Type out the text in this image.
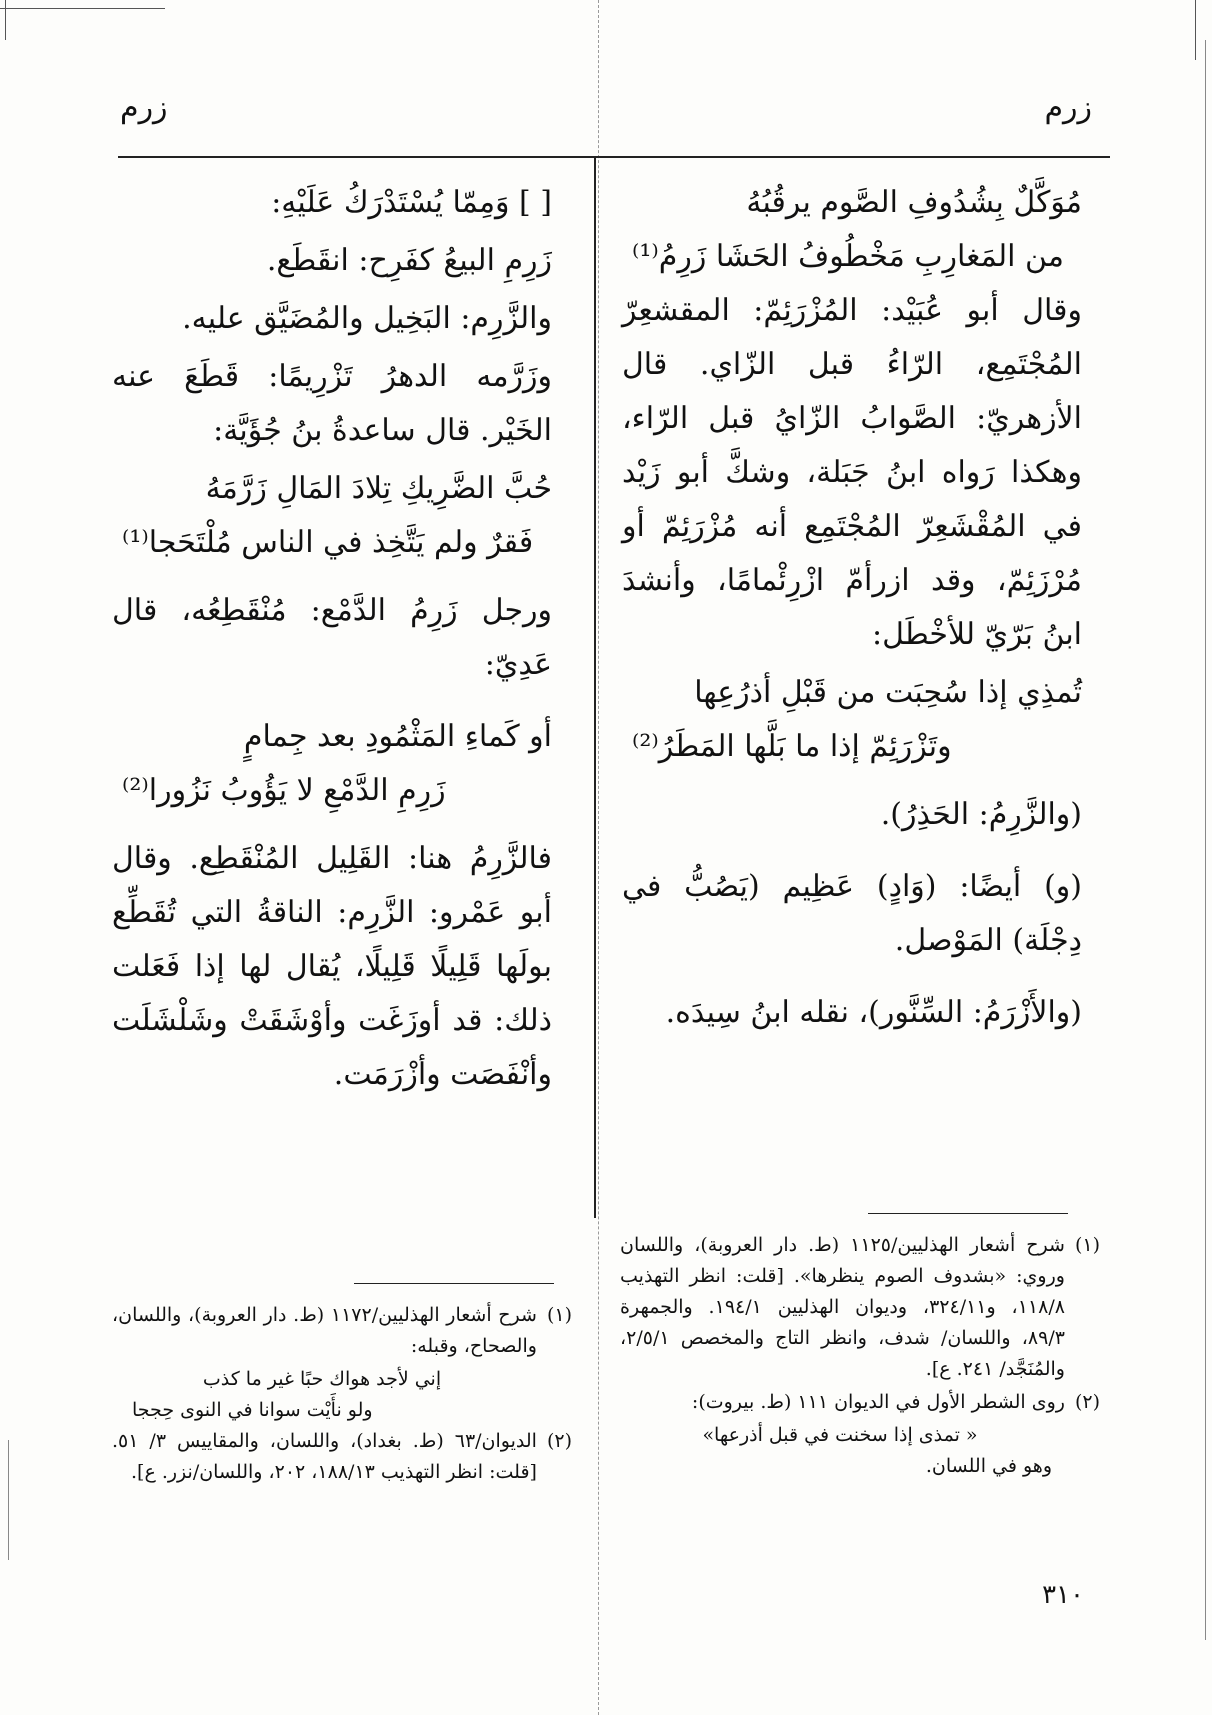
زرم
زرم

مُوَكَّلٌ بِشُدُوفِ الصَّوم يرقُبُهُ

من المَغارِبِ مَخْطُوفُ الحَشَا زَرِمُ⁽¹⁾

وقال أبو عُبَيْد: المُزْرَئِمّ: المقشعِرّ المُجْتَمِع، الرّاءُ قبل الزّاي. قال الأزهريّ: الصَّوابُ الزّايُ قبل الرّاء، وهكذا رَواه ابنُ جَبَلة، وشكَّ أبو زَيْد في المُقْشَعِرّ المُجْتَمِع أنه مُزْرَئِمّ أو مُرْزَئِمّ، وقد ازرأمّ ازْرِئْمامًا، وأنشدَ ابنُ بَرّيّ للأخْطَل:

تُمذِي إذا سُحِبَت من قَبْلِ أذرُعِها

وتَزْرَئِمّ إذا ما بَلَّها المَطَرُ⁽²⁾

(والزَّرِمُ: الحَذِرُ).

(و) أيضًا: (وَادٍ) عَظِيم (يَصُبُّ في دِجْلَة) المَوْصل.

(والأَزْرَمُ: السِّنَّور)، نقله ابنُ سِيدَه.

[ ] وَمِمّا يُسْتَدْرَكُ عَلَيْهِ:

زَرِمِ البيعُ كفَرِح: انقَطَع.

والزَّرِم: البَخِيل والمُضَيَّق عليه.

وزَرَّمه الدهرُ تَزْرِيمًا: قَطَعَ عنه الخَيْر. قال ساعدةُ بنُ جُؤَيَّة:

حُبَّ الضَّرِيكِ تِلادَ المَالِ زَرَّمَهُ

فَقرٌ ولم يَتَّخِذ في الناس مُلْتَحَجا⁽¹⁾

ورجل زَرِمُ الدَّمْع: مُنْقَطِعُه، قال عَدِيّ:

أو كَماءِ المَثْمُودِ بعد جِمامٍ

زَرِمِ الدَّمْعِ لا يَؤُوبُ نَزُورا⁽²⁾

فالزَّرِمُ هنا: القَلِيل المُنْقَطِع. وقال أبو عَمْرو: الزَّرِم: الناقةُ التي تُقَطِّع بولَها قَلِيلًا قَلِيلًا، يُقال لها إذا فَعَلت ذلك: قد أوزَغَت وأوْشَقَتْ وشَلْشَلَت وأنْفَصَت وأزْرَمَت.

(١)
شرح أشعار الهذليين/١١٢٥ (ط. دار العروبة)، واللسان وروي: «بشدوف الصوم ينظرها». [قلت: انظر التهذيب ١١٨/٨، و٣٢٤/١١، وديوان الهذليين ١٩٤/١. والجمهرة ٨٩/٣، واللسان/ شدف، وانظر التاج والمخصص ٢/٥/١، والمُنَجَّد/ ٢٤١. ع].
(٢)
روى الشطر الأول في الديوان ١١١ (ط. بيروت):

« تمذى إذا سخنت في قبل أذرعها»

وهو في اللسان.

(١)
شرح أشعار الهذليين/١١٧٢ (ط. دار العروبة)، واللسان، والصحاح، وقبله:

إني لأجد هواك حبًا غير ما كذب

ولو نأَيْت سوانا في النوى حِججا

(٢)
الديوان/٦٣ (ط. بغداد)، واللسان، والمقاييس ٣/ ٥١. [قلت: انظر التهذيب ١٨٨/١٣، ٢٠٢، واللسان/نزر. ع].
٣١٠
